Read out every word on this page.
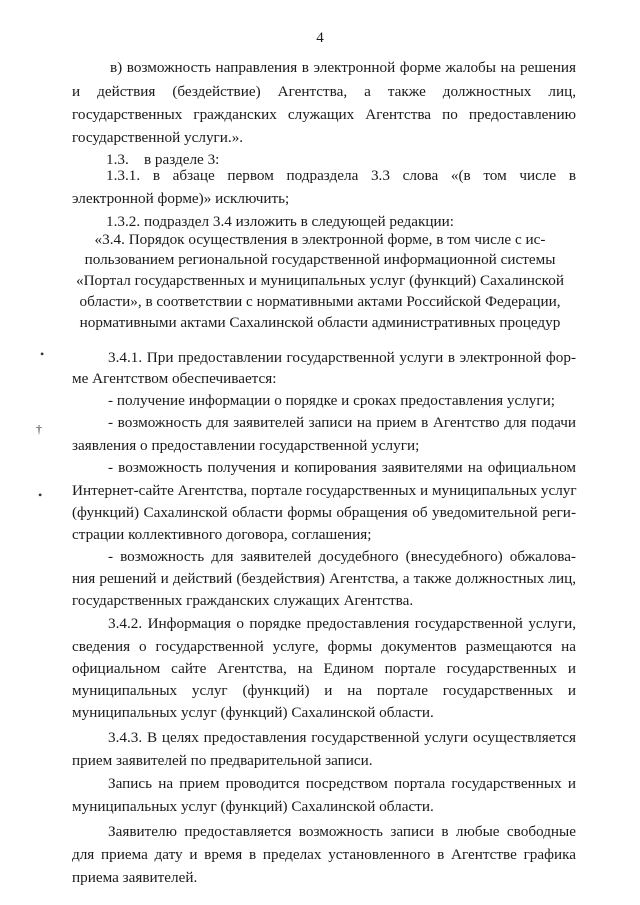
4
в) возможность направления в электронной форме жалобы на решения
и действия (бездействие) Агентства, а также должностных лиц,
государственных гражданских служащих Агентства по предоставлению
государственной услуги.».
1.3.    в разделе 3:
1.3.1. в абзаце первом подраздела 3.3 слова «(в том числе в
электронной форме)» исключить;
1.3.2. подраздел 3.4 изложить в следующей редакции:
«3.4. Порядок осуществления в электронной форме, в том числе с ис-
пользованием региональной государственной информационной системы
«Портал государственных и муниципальных услуг (функций) Сахалинской
области», в соответствии с нормативными актами Российской Федерации,
нормативными актами Сахалинской области административных процедур
3.4.1. При предоставлении государственной услуги в электронной фор-
ме Агентством обеспечивается:
- получение информации о порядке и сроках предоставления услуги;
- возможность для заявителей записи на прием в Агентство для подачи
заявления о предоставлении государственной услуги;
- возможность получения и копирования заявителями на официальном
Интернет-сайте Агентства, портале государственных и муниципальных услуг
(функций) Сахалинской области формы обращения об уведомительной реги-
страции коллективного договора, соглашения;
- возможность для заявителей досудебного (внесудебного) обжалова-
ния решений и действий (бездействия) Агентства, а также должностных лиц,
государственных гражданских служащих Агентства.
3.4.2. Информация о порядке предоставления государственной услуги,
сведения о государственной услуге, формы документов размещаются на
официальном сайте Агентства, на Едином портале государственных и
муниципальных услуг (функций) и на портале государственных и
муниципальных услуг (функций) Сахалинской области.
3.4.3. В целях предоставления государственной услуги осуществляется
прием заявителей по предварительной записи.
Запись на прием проводится посредством портала государственных и
муниципальных услуг (функций) Сахалинской области.
Заявителю предоставляется возможность записи в любые свободные
для приема дату и время в пределах установленного в Агентстве графика
приема заявителей.
•
†
•
